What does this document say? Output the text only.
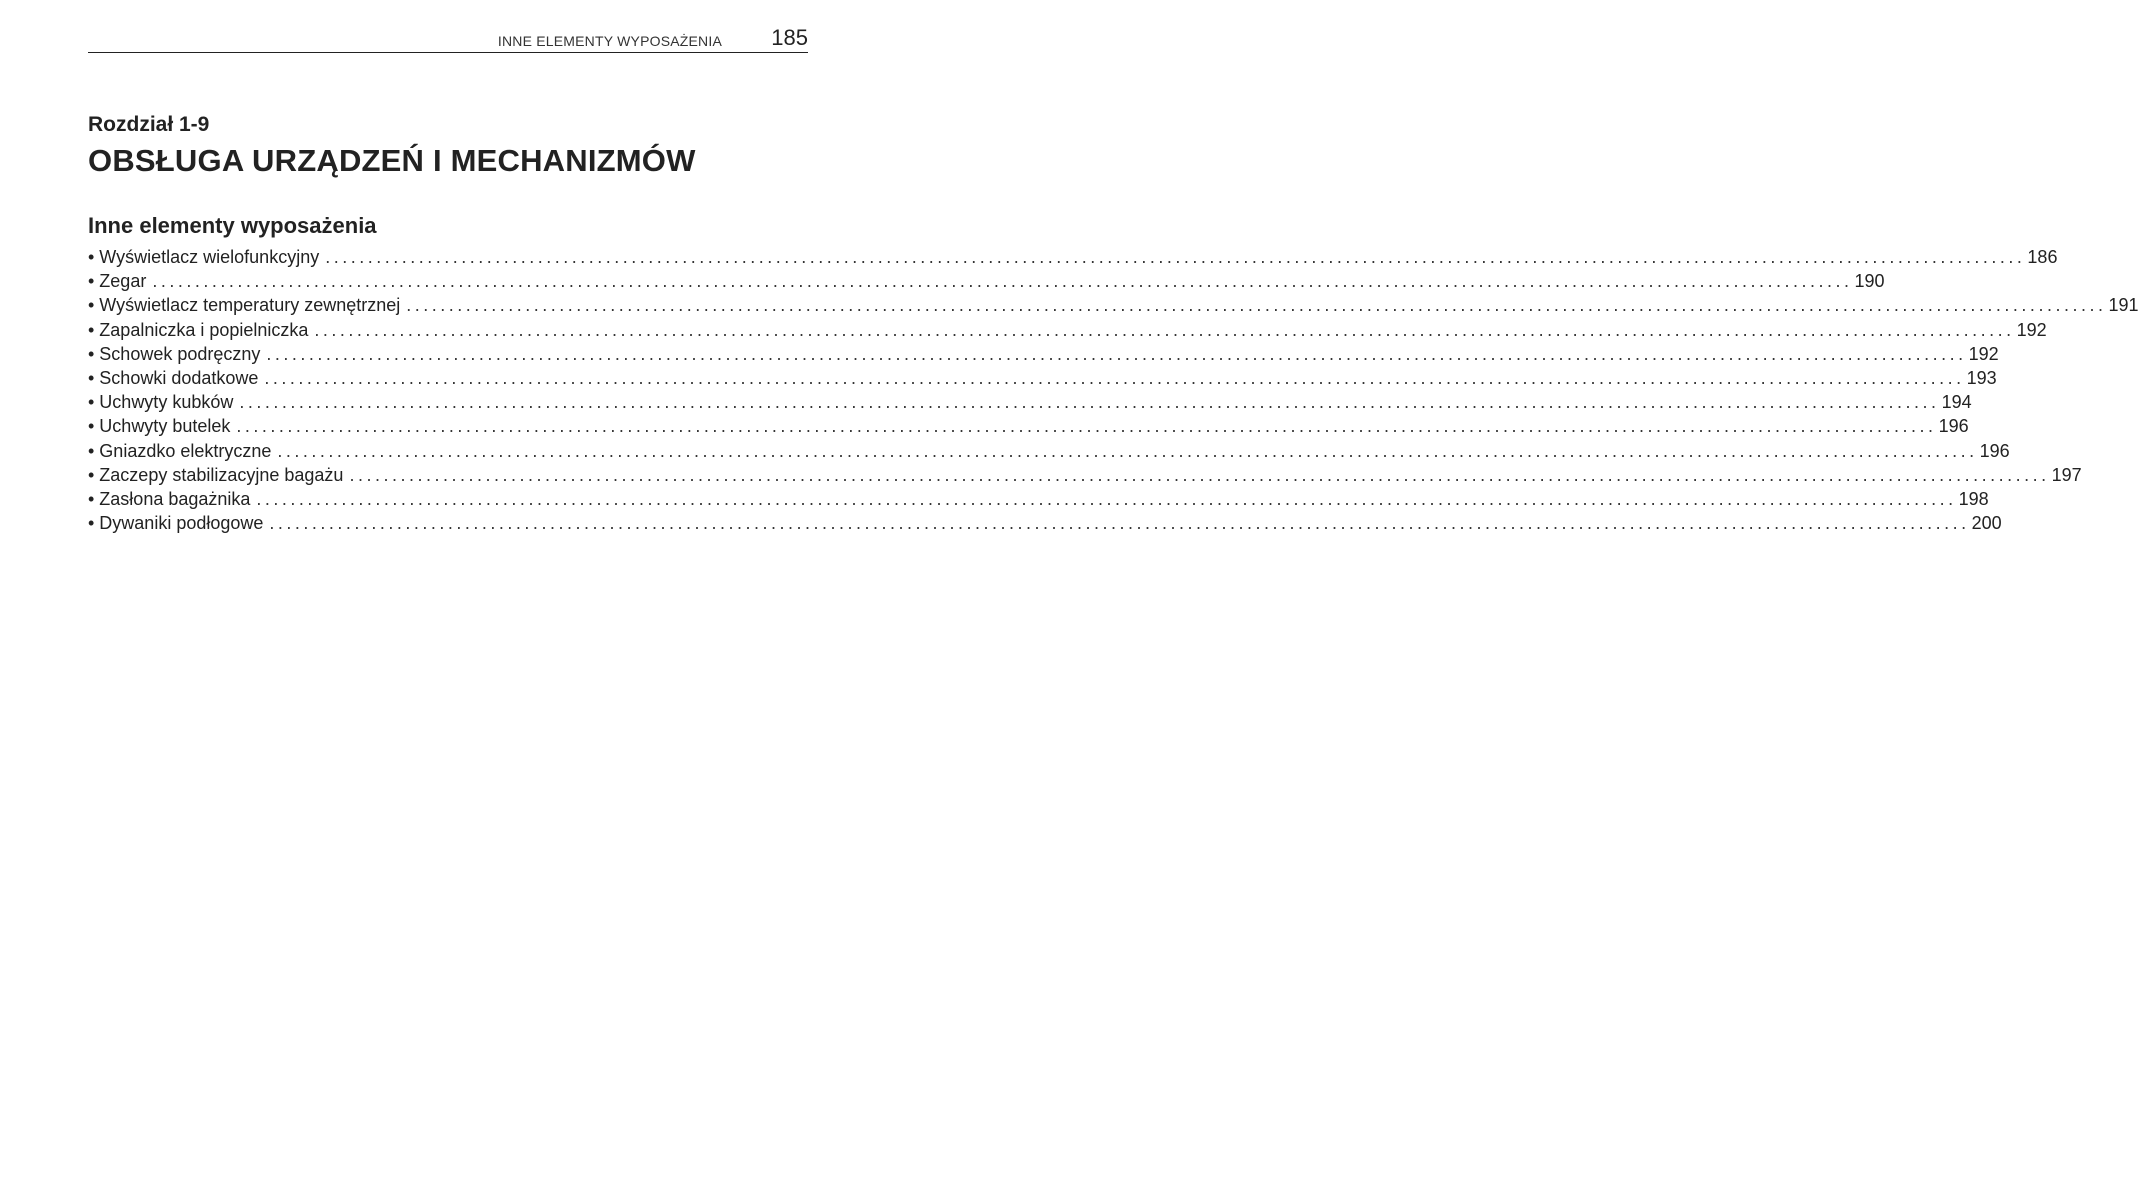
INNE ELEMENTY WYPOSAŻENIA 185
Rozdział 1-9
OBSŁUGA URZĄDZEŃ I MECHANIZMÓW
Inne elementy wyposażenia
• Wyświetlacz wielofunkcyjny ........................................................................................................................................................................................................ 186
• Zegar ........................................................................................................................................................................................................ 190
• Wyświetlacz temperatury zewnętrznej ........................................................................................................................................................................................................ 191
• Zapalniczka i popielniczka ........................................................................................................................................................................................................ 192
• Schowek podręczny ........................................................................................................................................................................................................ 192
• Schowki dodatkowe ........................................................................................................................................................................................................ 193
• Uchwyty kubków ........................................................................................................................................................................................................ 194
• Uchwyty butelek ........................................................................................................................................................................................................ 196
• Gniazdko elektryczne ........................................................................................................................................................................................................ 196
• Zaczepy stabilizacyjne bagażu ........................................................................................................................................................................................................ 197
• Zasłona bagażnika ........................................................................................................................................................................................................ 198
• Dywaniki podłogowe ........................................................................................................................................................................................................ 200
